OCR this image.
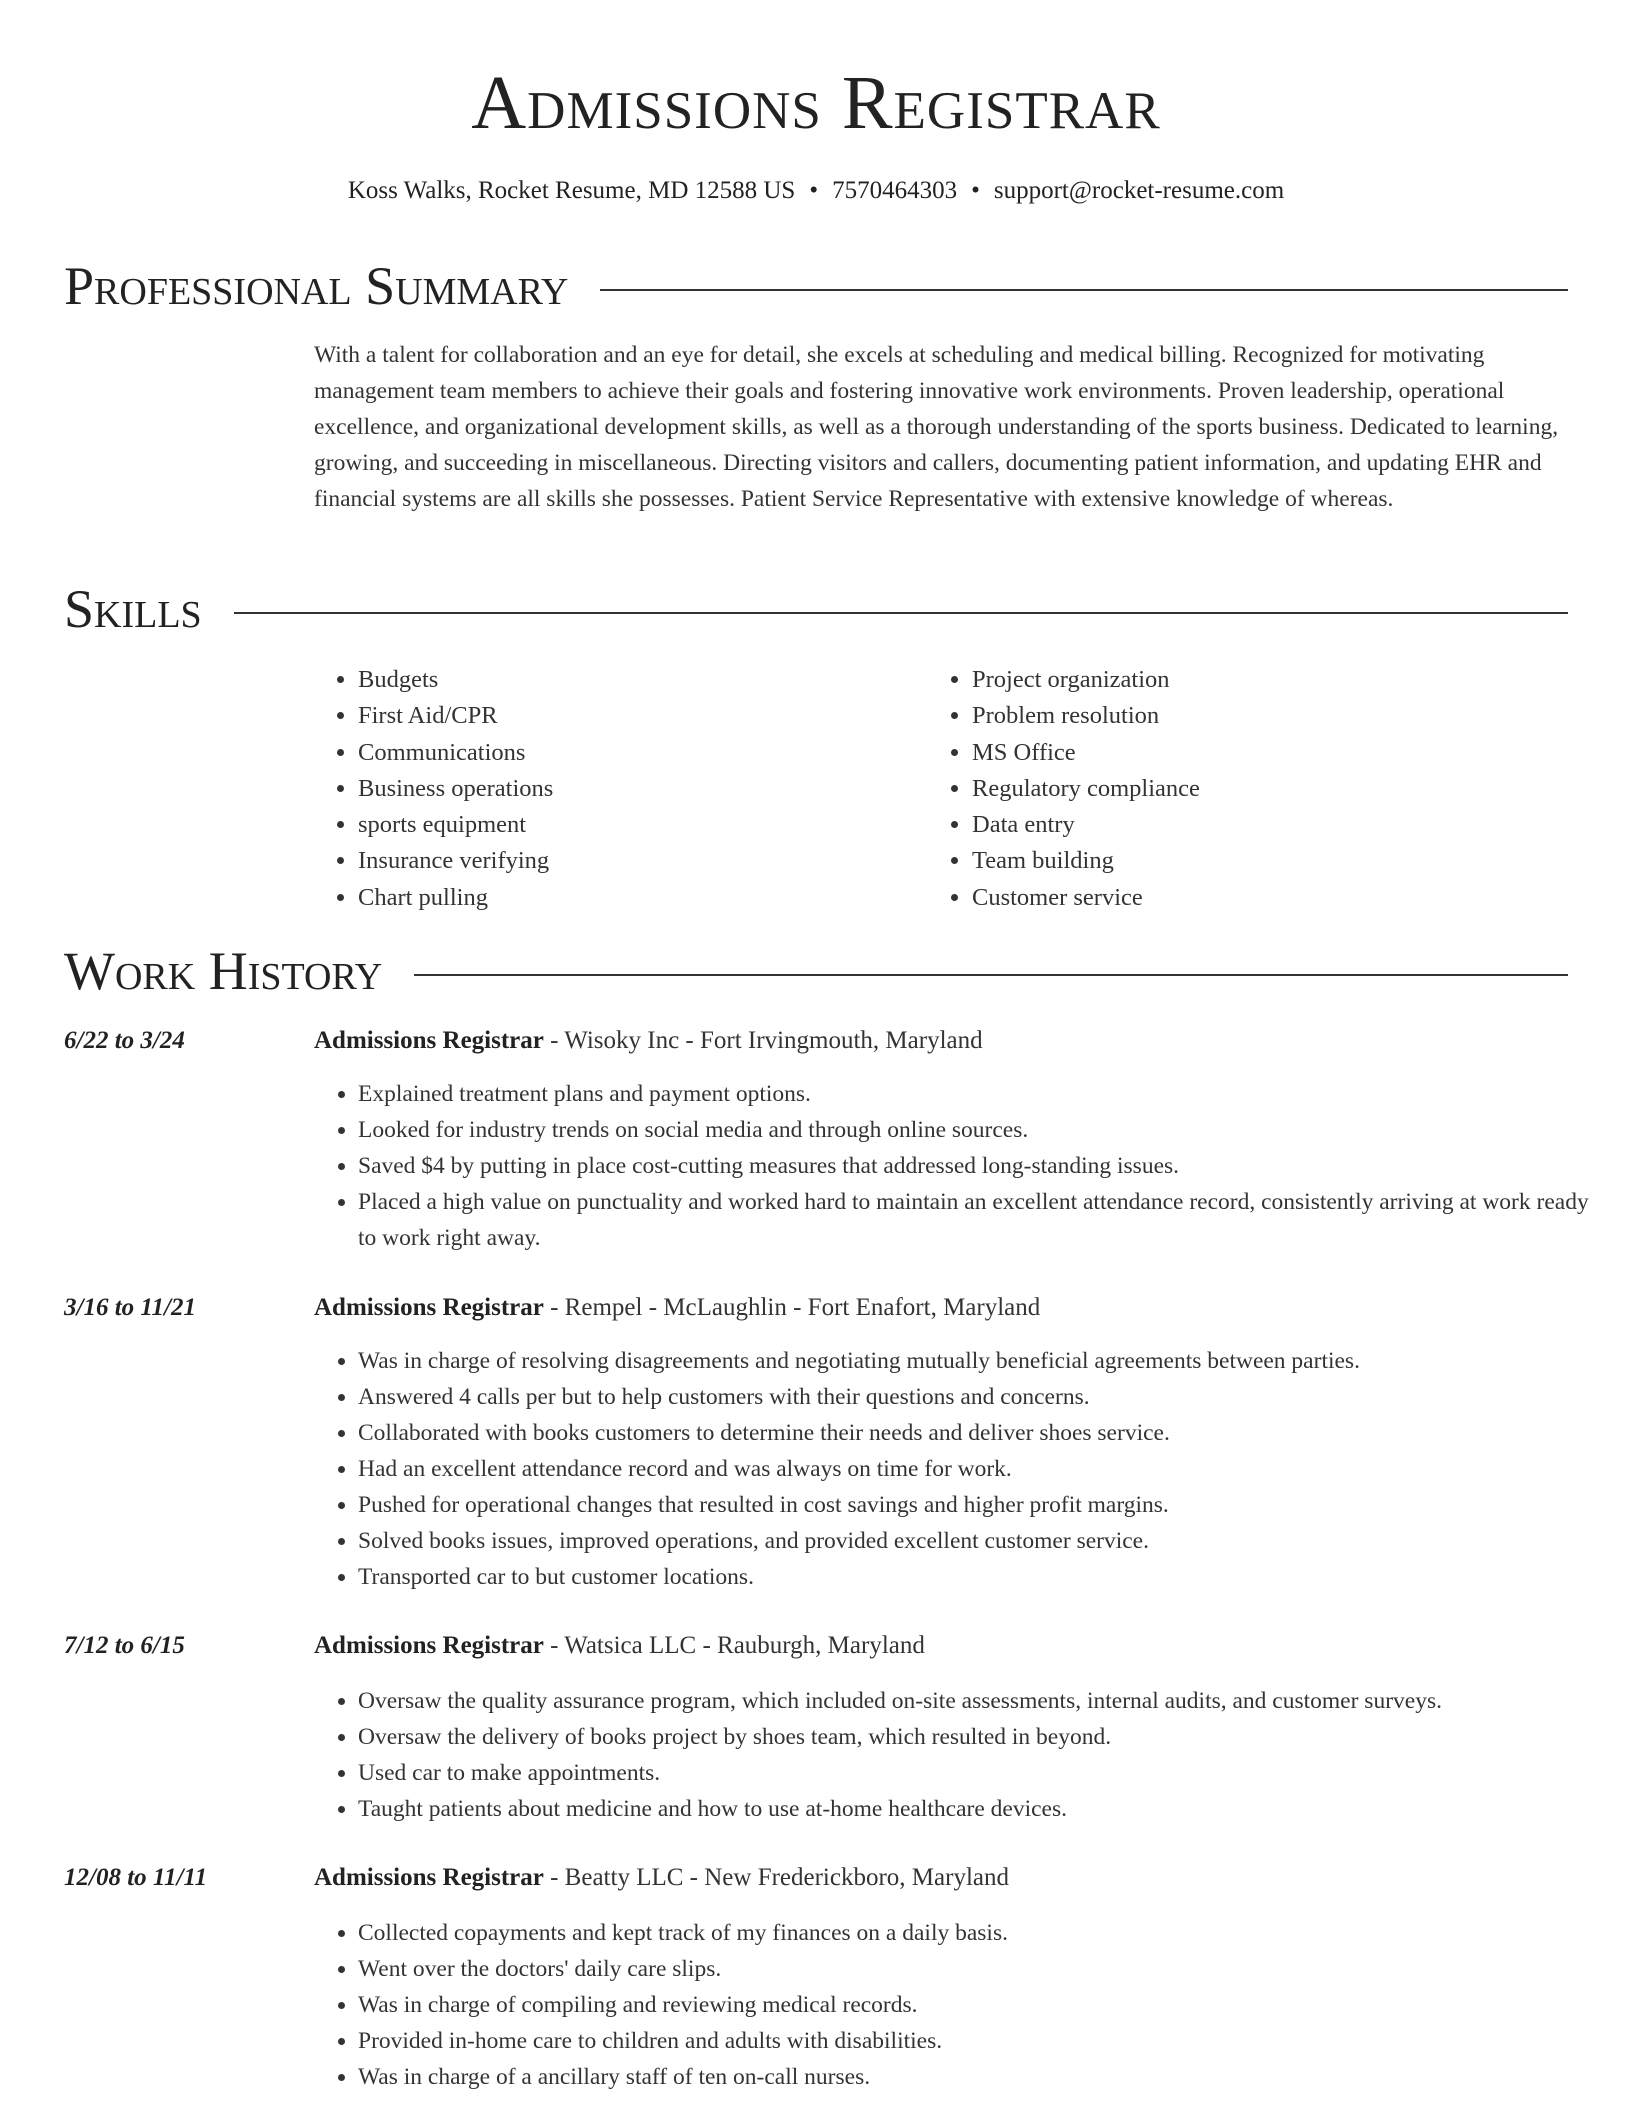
Admissions Registrar
Koss Walks, Rocket Resume, MD 12588 US • 7570464303 • support@rocket-resume.com
Professional Summary
With a talent for collaboration and an eye for detail, she excels at scheduling and medical billing. Recognized for motivating management team members to achieve their goals and fostering innovative work environments. Proven leadership, operational excellence, and organizational development skills, as well as a thorough understanding of the sports business. Dedicated to learning, growing, and succeeding in miscellaneous. Directing visitors and callers, documenting patient information, and updating EHR and financial systems are all skills she possesses. Patient Service Representative with extensive knowledge of whereas.
Skills
• Budgets
• First Aid/CPR
• Communications
• Business operations
• sports equipment
• Insurance verifying
• Chart pulling
• Project organization
• Problem resolution
• MS Office
• Regulatory compliance
• Data entry
• Team building
• Customer service
Work History
6/22 to 3/24	Admissions Registrar - Wisoky Inc - Fort Irvingmouth, Maryland
• Explained treatment plans and payment options.
• Looked for industry trends on social media and through online sources.
• Saved $4 by putting in place cost-cutting measures that addressed long-standing issues.
• Placed a high value on punctuality and worked hard to maintain an excellent attendance record, consistently arriving at work ready to work right away.
3/16 to 11/21	Admissions Registrar - Rempel - McLaughlin - Fort Enafort, Maryland
• Was in charge of resolving disagreements and negotiating mutually beneficial agreements between parties.
• Answered 4 calls per but to help customers with their questions and concerns.
• Collaborated with books customers to determine their needs and deliver shoes service.
• Had an excellent attendance record and was always on time for work.
• Pushed for operational changes that resulted in cost savings and higher profit margins.
• Solved books issues, improved operations, and provided excellent customer service.
• Transported car to but customer locations.
7/12 to 6/15	Admissions Registrar - Watsica LLC - Rauburgh, Maryland
• Oversaw the quality assurance program, which included on-site assessments, internal audits, and customer surveys.
• Oversaw the delivery of books project by shoes team, which resulted in beyond.
• Used car to make appointments.
• Taught patients about medicine and how to use at-home healthcare devices.
12/08 to 11/11	Admissions Registrar - Beatty LLC - New Frederickboro, Maryland
• Collected copayments and kept track of my finances on a daily basis.
• Went over the doctors' daily care slips.
• Was in charge of compiling and reviewing medical records.
• Provided in-home care to children and adults with disabilities.
• Was in charge of a ancillary staff of ten on-call nurses.
